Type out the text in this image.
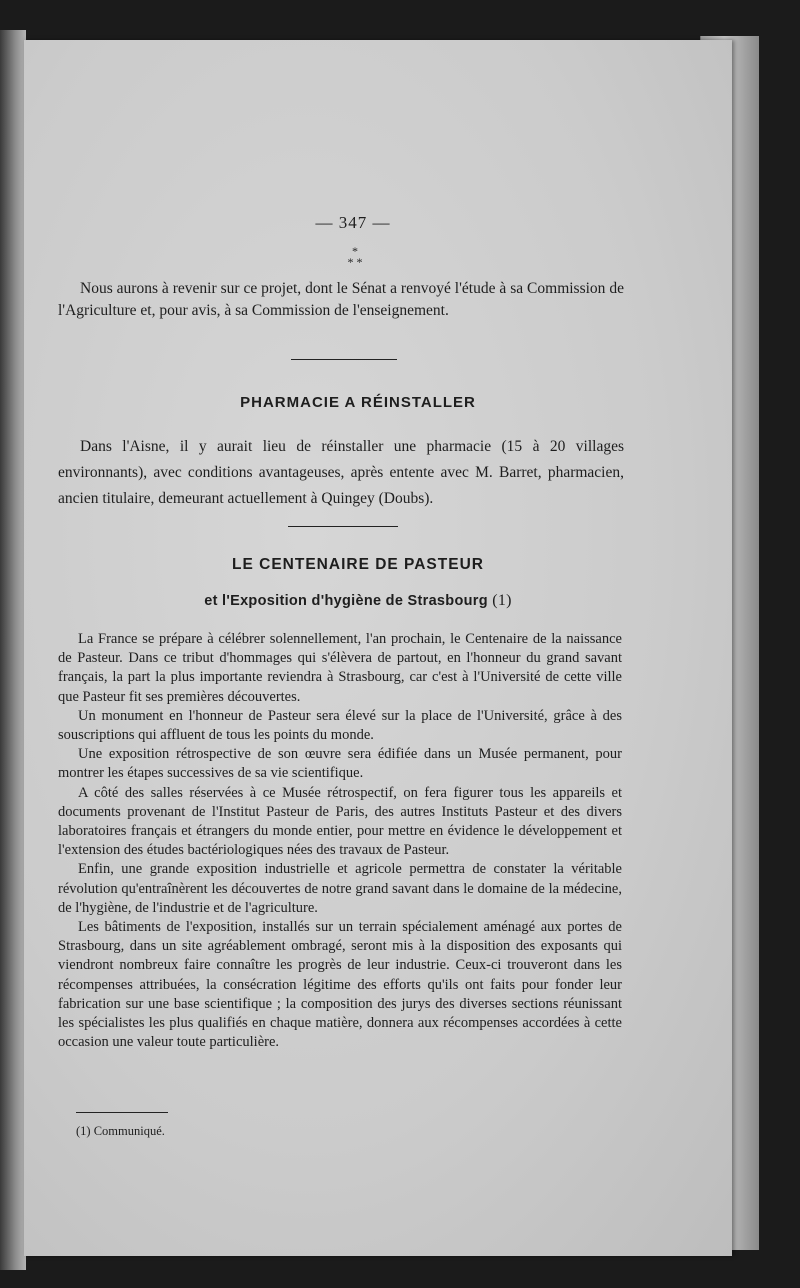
— 347 —

*
* *

Nous aurons à revenir sur ce projet, dont le Sénat a renvoyé l'étude à sa Commission de l'Agriculture et, pour avis, à sa Commission de l'enseignement.

PHARMACIE A RÉINSTALLER

Dans l'Aisne, il y aurait lieu de réinstaller une pharmacie (15 à 20 villages environnants), avec conditions avantageuses, après entente avec M. Barret, pharmacien, ancien titulaire, demeurant actuellement à Quingey (Doubs).

LE CENTENAIRE DE PASTEUR
et l'Exposition d'hygiène de Strasbourg (1)

La France se prépare à célébrer solennellement, l'an prochain, le Centenaire de la naissance de Pasteur. Dans ce tribut d'hommages qui s'élèvera de partout, en l'honneur du grand savant français, la part la plus importante reviendra à Strasbourg, car c'est à l'Université de cette ville que Pasteur fit ses premières découvertes.

Un monument en l'honneur de Pasteur sera élevé sur la place de l'Université, grâce à des souscriptions qui affluent de tous les points du monde.

Une exposition rétrospective de son œuvre sera édifiée dans un Musée permanent, pour montrer les étapes successives de sa vie scientifique.

A côté des salles réservées à ce Musée rétrospectif, on fera figurer tous les appareils et documents provenant de l'Institut Pasteur de Paris, des autres Instituts Pasteur et des divers laboratoires français et étrangers du monde entier, pour mettre en évidence le développement et l'extension des études bactériologiques nées des travaux de Pasteur.

Enfin, une grande exposition industrielle et agricole permettra de constater la véritable révolution qu'entraînèrent les découvertes de notre grand savant dans le domaine de la médecine, de l'hygiène, de l'industrie et de l'agriculture.

Les bâtiments de l'exposition, installés sur un terrain spécialement aménagé aux portes de Strasbourg, dans un site agréablement ombragé, seront mis à la disposition des exposants qui viendront nombreux faire connaître les progrès de leur industrie. Ceux-ci trouveront dans les récompenses attribuées, la consécration légitime des efforts qu'ils ont faits pour fonder leur fabrication sur une base scientifique ; la composition des jurys des diverses sections réunissant les spécialistes les plus qualifiés en chaque matière, donnera aux récompenses accordées à cette occasion une valeur toute particulière.

(1) Communiqué.
